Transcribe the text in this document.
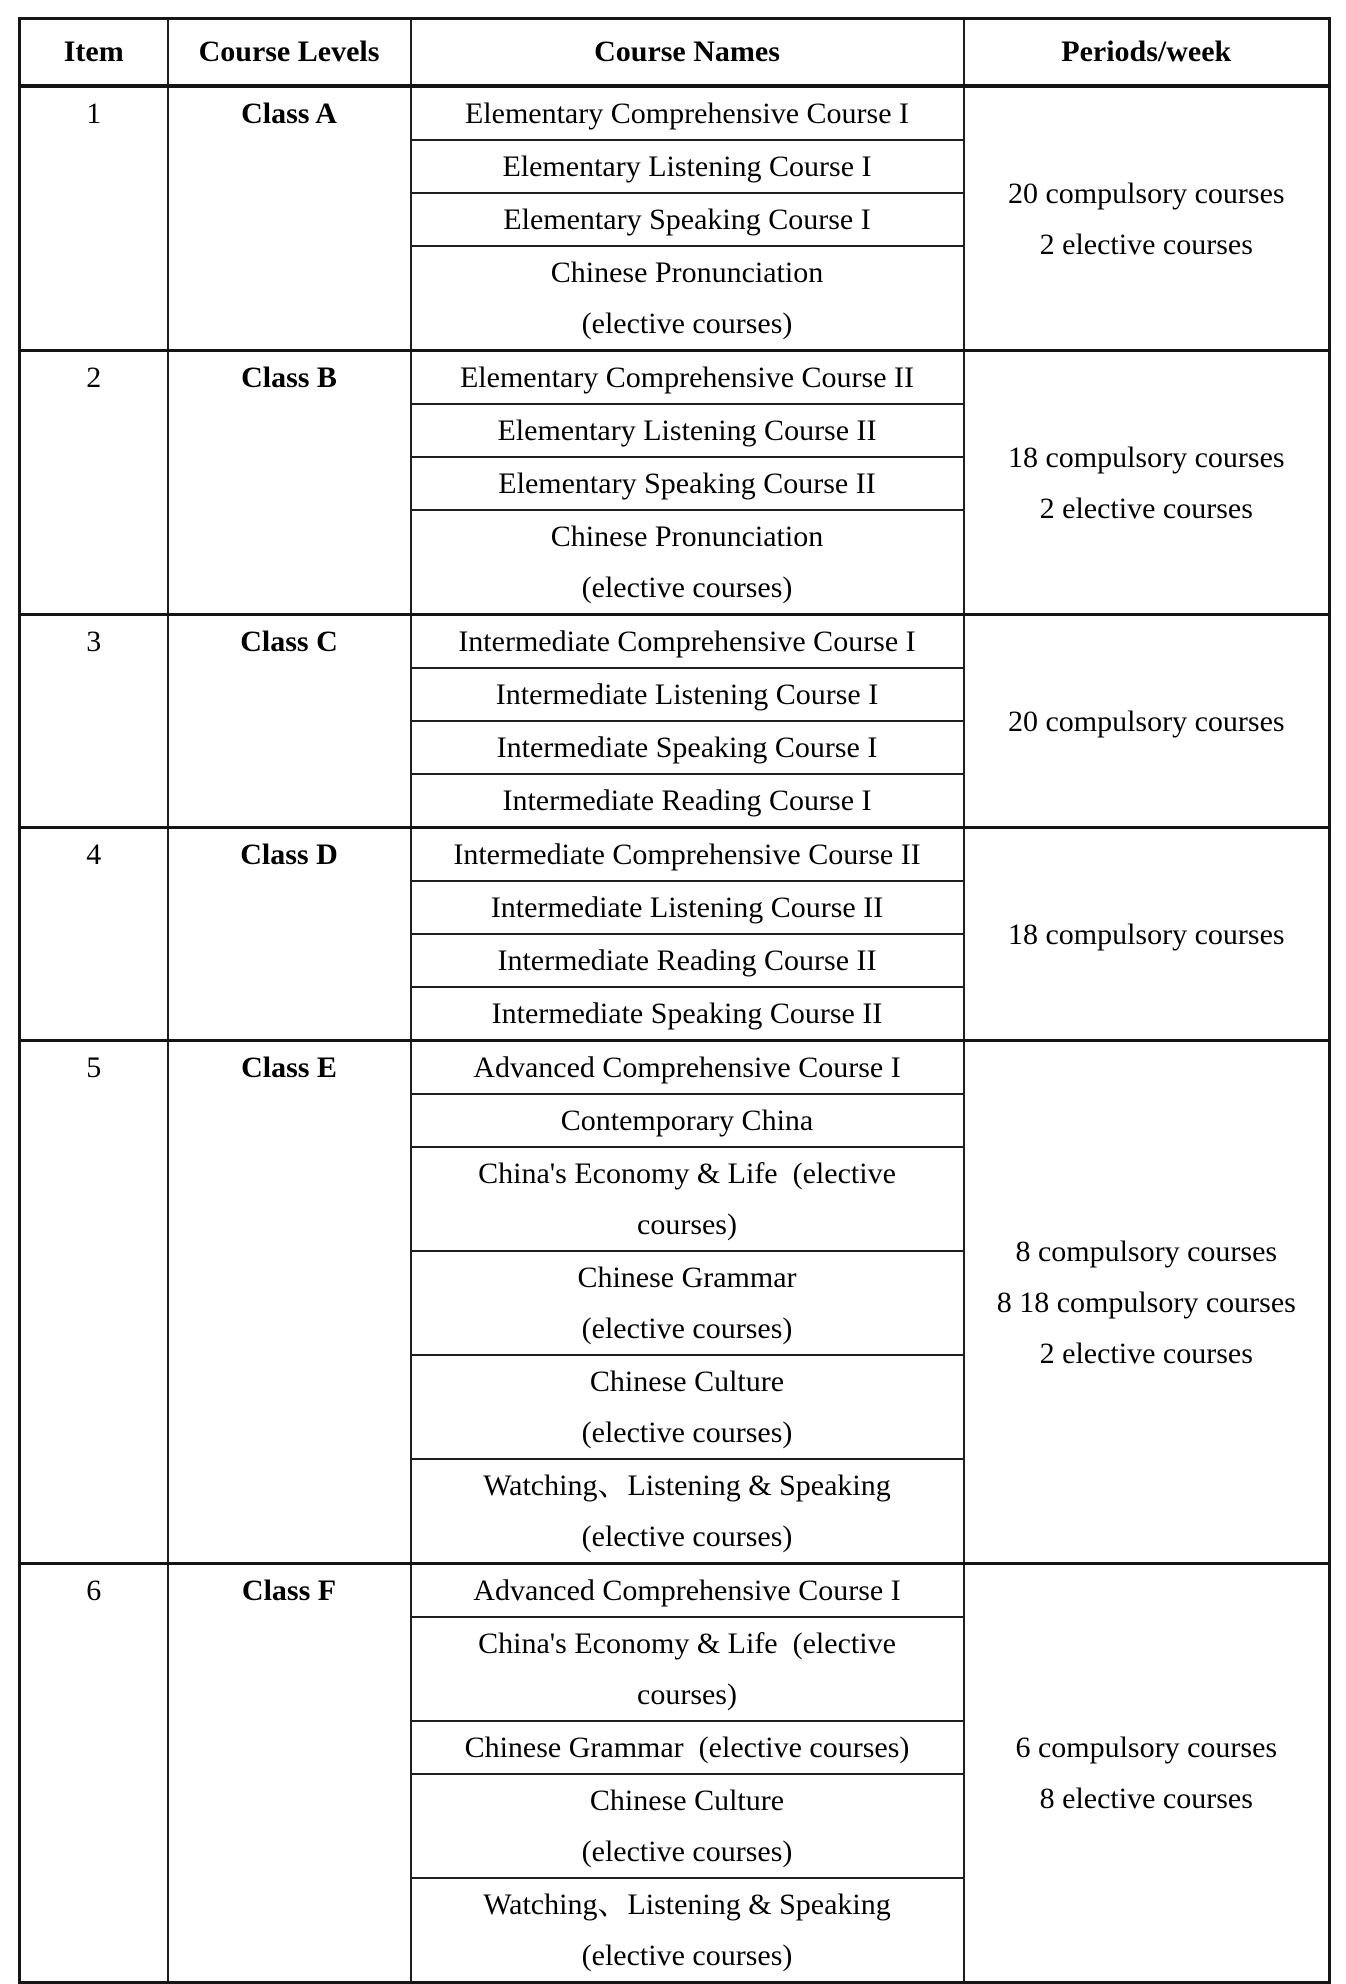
Item	Course Levels	Course Names	Periods/week

1	Class A	Elementary Comprehensive Course I	20 compulsory courses
2 elective courses

		Elementary Listening Course I	

		Elementary Speaking Course I	

		Chinese Pronunciation
(elective courses)	

2	Class B	Elementary Comprehensive Course II	18 compulsory courses
2 elective courses

		Elementary Listening Course II	

		Elementary Speaking Course II	

		Chinese Pronunciation
(elective courses)	

3	Class C	Intermediate Comprehensive Course I	20 compulsory courses

		Intermediate Listening Course I	

		Intermediate Speaking Course I	

		Intermediate Reading Course I	

4	Class D	Intermediate Comprehensive Course II	18 compulsory courses

		Intermediate Listening Course II	

		Intermediate Reading Course II	

		Intermediate Speaking Course II	

5	Class E	Advanced Comprehensive Course I	8 compulsory courses
8 18 compulsory courses
2 elective courses

		Contemporary China	

		China's Economy & Life  (elective
courses)	

		Chinese Grammar
(elective courses)	

		Chinese Culture
(elective courses)	

		Watching、Listening & Speaking
(elective courses)	

6	Class F	Advanced Comprehensive Course I	6 compulsory courses
8 elective courses

		China's Economy & Life  (elective
courses)	

		Chinese Grammar  (elective courses)	

		Chinese Culture
(elective courses)	

		Watching、Listening & Speaking
(elective courses)	
